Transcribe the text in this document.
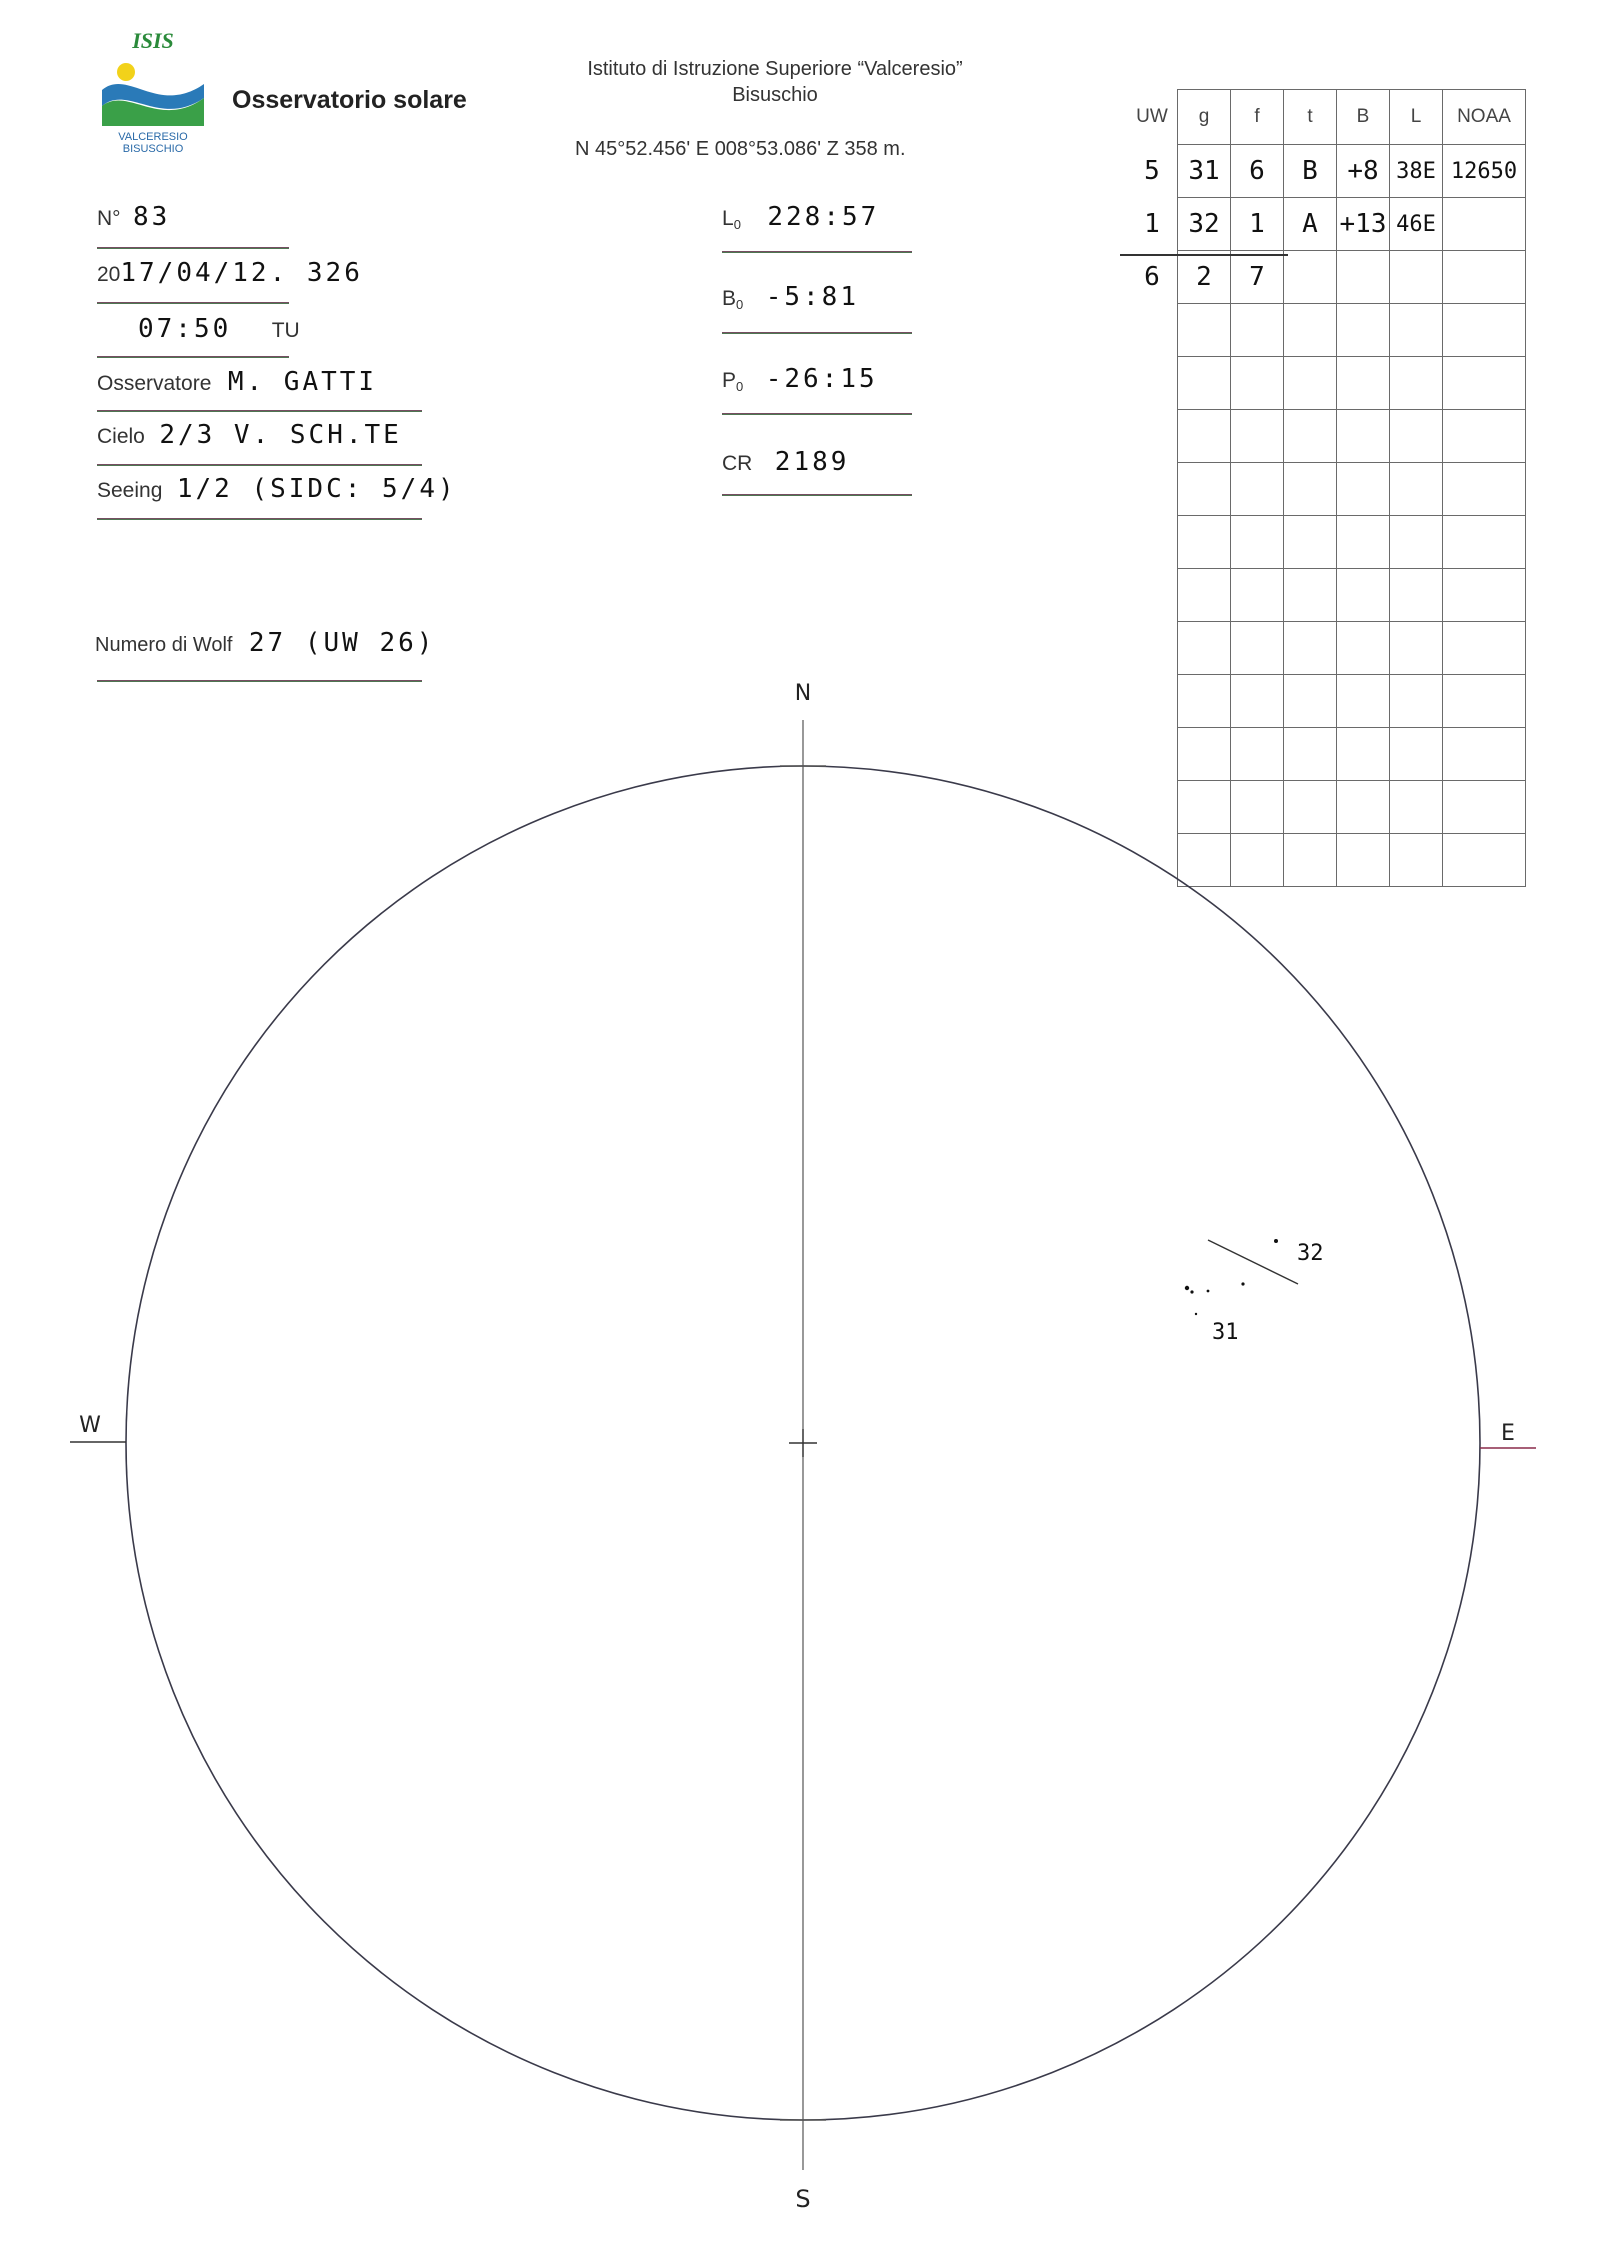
ISIS
VALCERESIO
BISUSCHIO
Osservatorio solare
Istituto di Istruzione Superiore “Valceresio”
Bisuschio
N 45°52.456' E 008°53.086' Z 358 m.
N° 83
2017/04/12. 326
07:50 TU
Osservatore M. GATTI
Cielo 2/3 V. SCH.TE
Seeing 1/2 (SIDC: 5/4)
Numero di Wolf 27 (UW 26)
$L_0$ 228:57
$B_0$ -5:81
$P_0$ -26:15
CR 2189
UW	g	f	t	B	L	NOAA
5	31	6	B	+8	38E	12650
1	32	1	A	+13	46E	
6	2	7				

N
S
W	E
32
31
